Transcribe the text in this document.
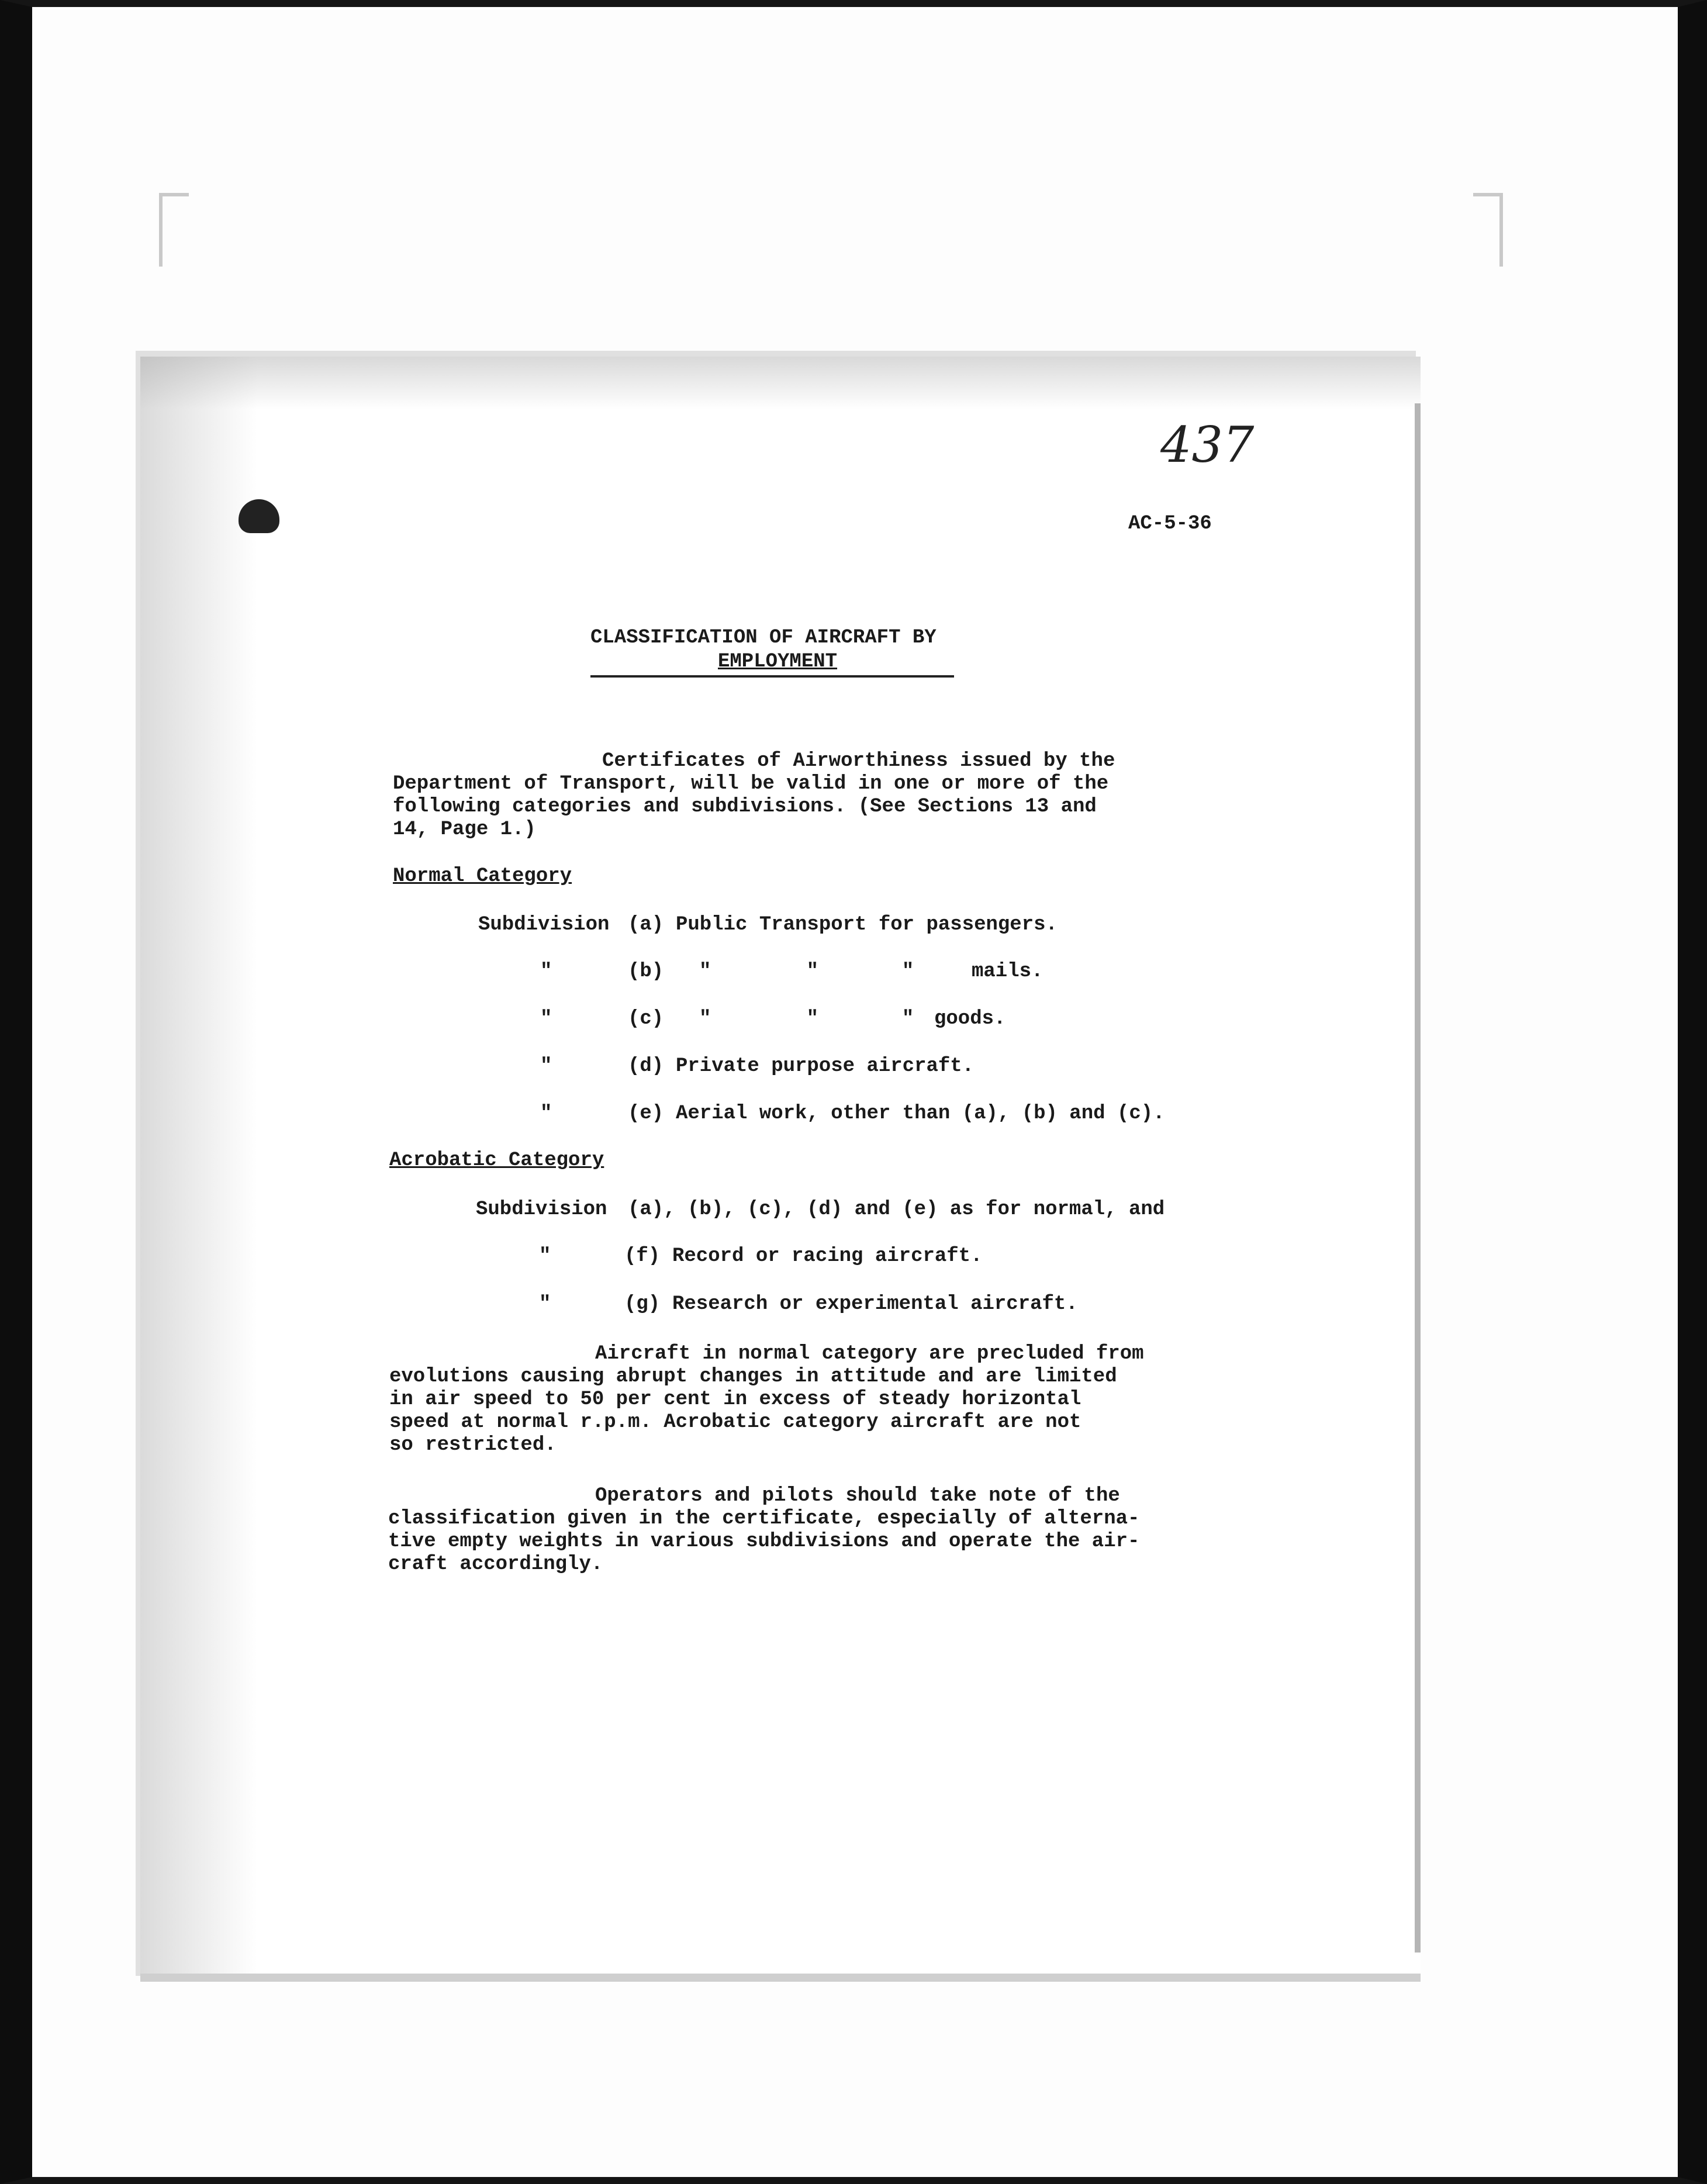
437
AC-5-36
CLASSIFICATION OF AIRCRAFT BY
EMPLOYMENT
Certificates of Airworthiness issued by the
Department of Transport, will be valid in one or more of the
following categories and subdivisions. (See Sections 13 and
14, Page 1.)
Normal Category
Subdivision (a) Public Transport for passengers.
"	(b) "        "       "	mails.
"	(c) "        "       " goods.
"	(d) Private purpose aircraft.
"	(e) Aerial work, other than (a), (b) and (c).
Acrobatic Category
Subdivision (a), (b), (c), (d) and (e) as for normal, and
"	(f) Record or racing aircraft.
"	(g) Research or experimental aircraft.
Aircraft in normal category are precluded from
evolutions causing abrupt changes in attitude and are limited
in air speed to 50 per cent in excess of steady horizontal
speed at normal r.p.m. Acrobatic category aircraft are not
so restricted.
Operators and pilots should take note of the
classification given in the certificate, especially of alterna-
tive empty weights in various subdivisions and operate the air-
craft accordingly.
